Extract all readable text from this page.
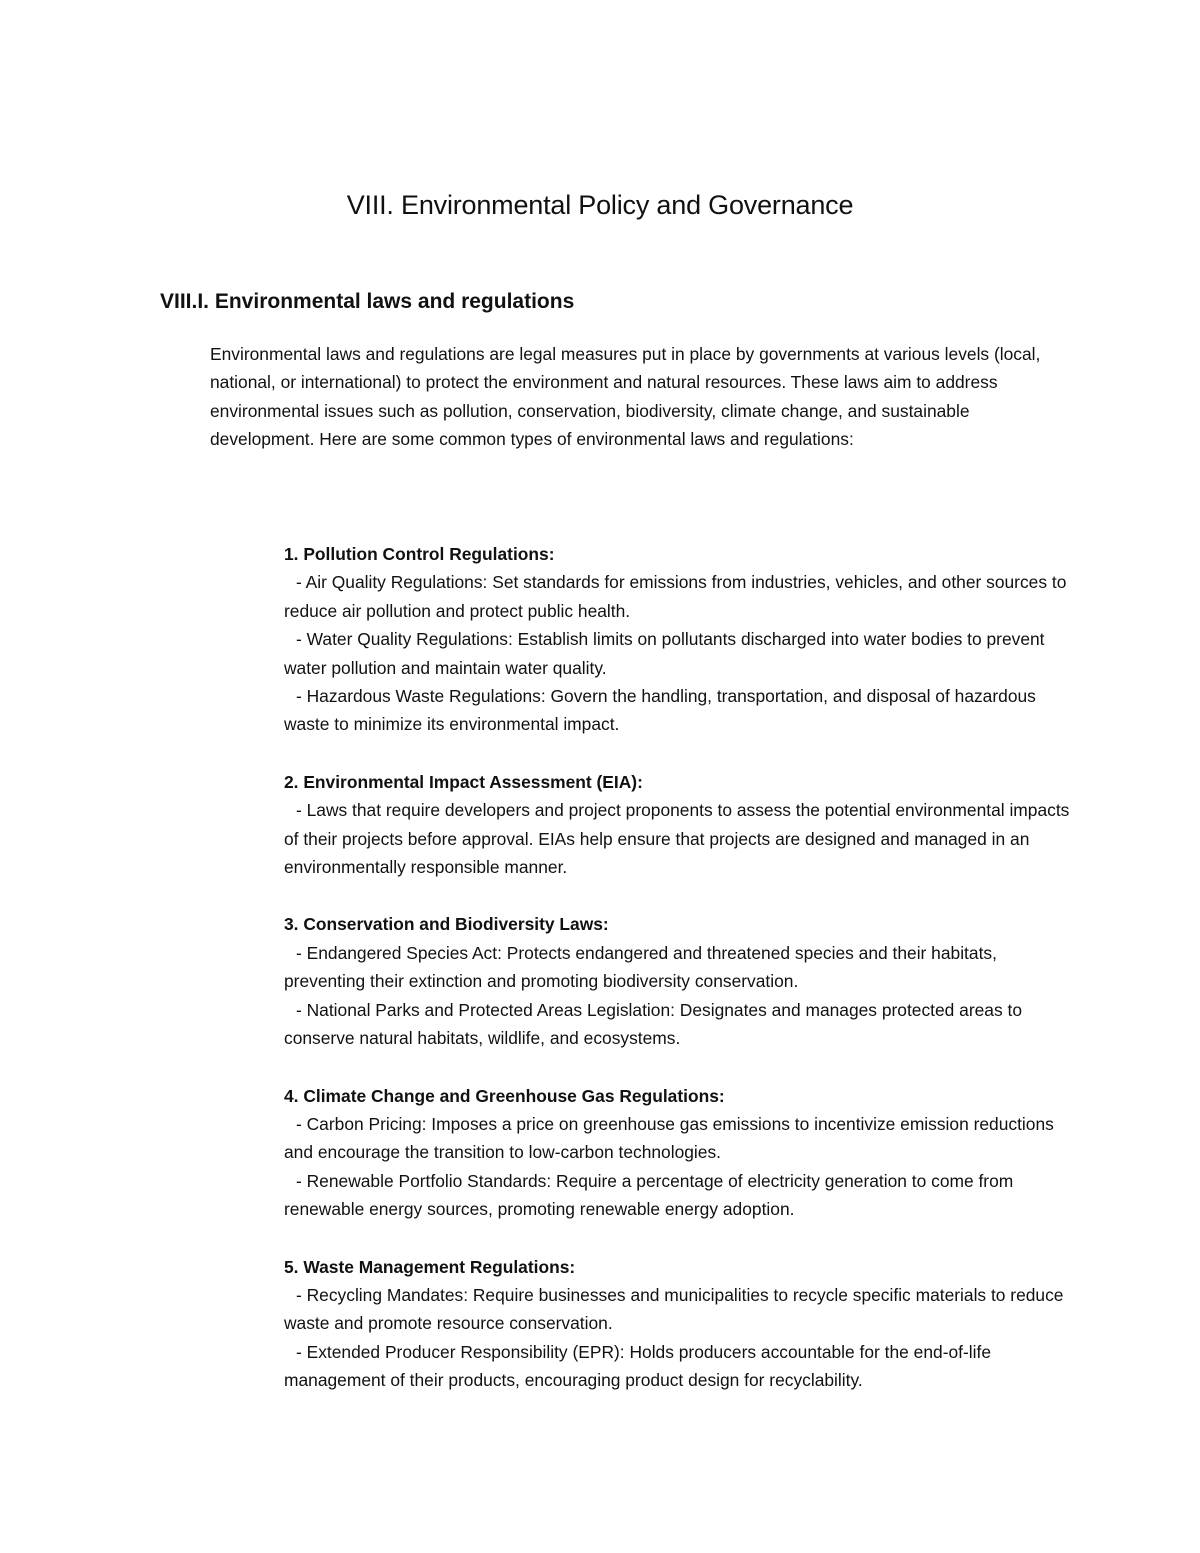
VIII. Environmental Policy and Governance
VIII.I. Environmental laws and regulations

Environmental laws and regulations are legal measures put in place by governments at various levels (local, national, or international) to protect the environment and natural resources. These laws aim to address environmental issues such as pollution, conservation, biodiversity, climate change, and sustainable development. Here are some common types of environmental laws and regulations:

1. Pollution Control Regulations:

- Air Quality Regulations: Set standards for emissions from industries, vehicles, and other sources to reduce air pollution and protect public health.

- Water Quality Regulations: Establish limits on pollutants discharged into water bodies to prevent water pollution and maintain water quality.

- Hazardous Waste Regulations: Govern the handling, transportation, and disposal of hazardous waste to minimize its environmental impact.

2. Environmental Impact Assessment (EIA):

- Laws that require developers and project proponents to assess the potential environmental impacts of their projects before approval. EIAs help ensure that projects are designed and managed in an environmentally responsible manner.

3. Conservation and Biodiversity Laws:

- Endangered Species Act: Protects endangered and threatened species and their habitats, preventing their extinction and promoting biodiversity conservation.

- National Parks and Protected Areas Legislation: Designates and manages protected areas to conserve natural habitats, wildlife, and ecosystems.

4. Climate Change and Greenhouse Gas Regulations:

- Carbon Pricing: Imposes a price on greenhouse gas emissions to incentivize emission reductions and encourage the transition to low-carbon technologies.

- Renewable Portfolio Standards: Require a percentage of electricity generation to come from renewable energy sources, promoting renewable energy adoption.

5. Waste Management Regulations:

- Recycling Mandates: Require businesses and municipalities to recycle specific materials to reduce waste and promote resource conservation.

- Extended Producer Responsibility (EPR): Holds producers accountable for the end-of-life management of their products, encouraging product design for recyclability.
